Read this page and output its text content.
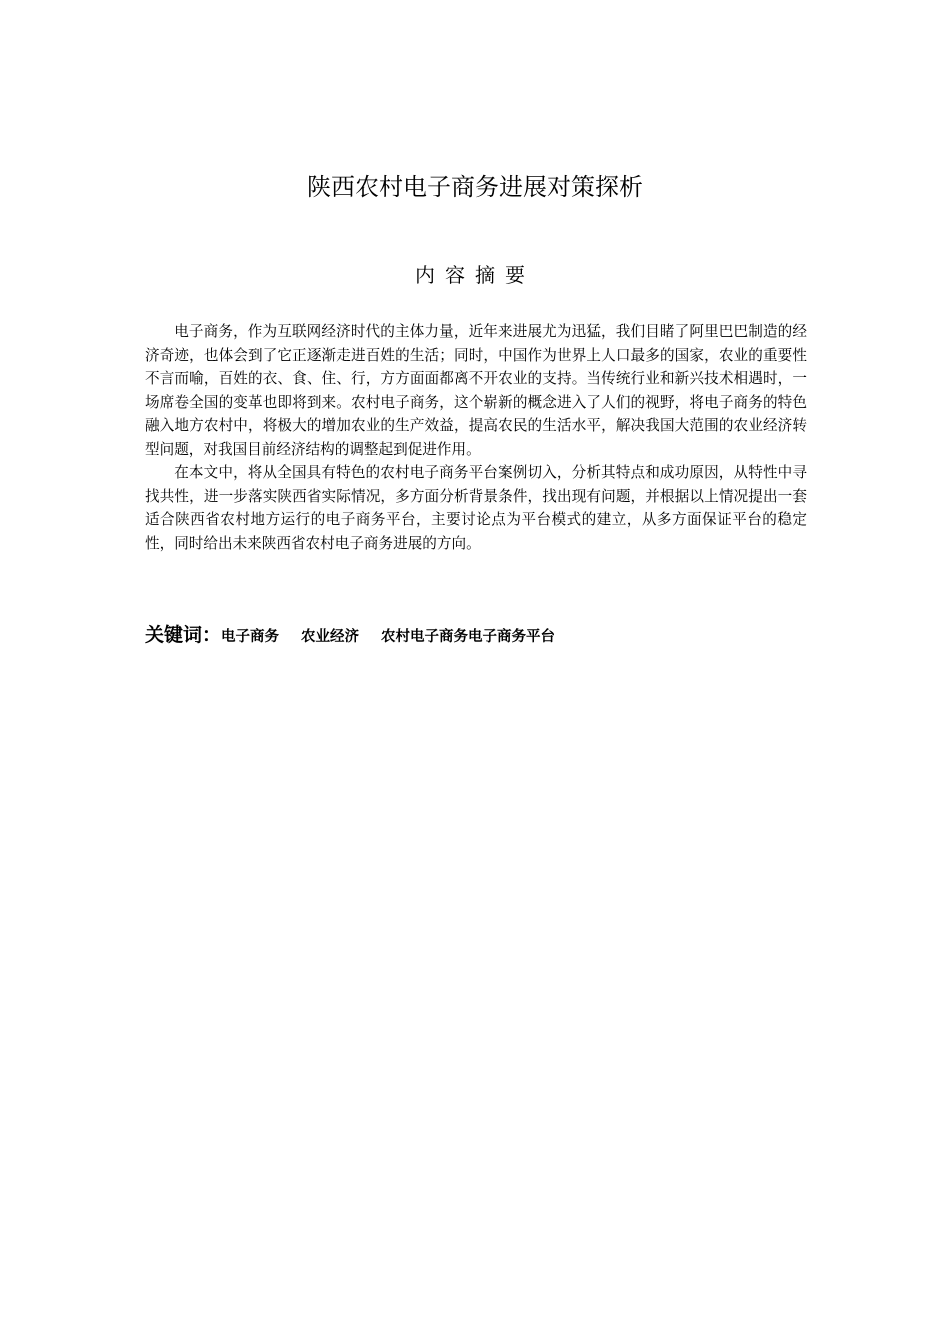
陕西农村电子商务进展对策探析
内容摘要

电子商务，作为互联网经济时代的主体力量，近年来进展尤为迅猛，我们目睹了阿里巴巴制造的经济奇迹，也体会到了它正逐渐走进百姓的生活；同时，中国作为世界上人口最多的国家，农业的重要性不言而喻，百姓的衣、食、住、行，方方面面都离不开农业的支持。当传统行业和新兴技术相遇时，一场席卷全国的变革也即将到来。农村电子商务，这个崭新的概念进入了人们的视野，将电子商务的特色融入地方农村中，将极大的增加农业的生产效益，提高农民的生活水平，解决我国大范围的农业经济转型问题，对我国目前经济结构的调整起到促进作用。

在本文中，将从全国具有特色的农村电子商务平台案例切入，分析其特点和成功原因，从特性中寻找共性，进一步落实陕西省实际情况，多方面分析背景条件，找出现有问题，并根据以上情况提出一套适合陕西省农村地方运行的电子商务平台，主要讨论点为平台模式的建立，从多方面保证平台的稳定性，同时给出未来陕西省农村电子商务进展的方向。

关键词：电子商务 农业经济 农村电子商务电子商务平台
